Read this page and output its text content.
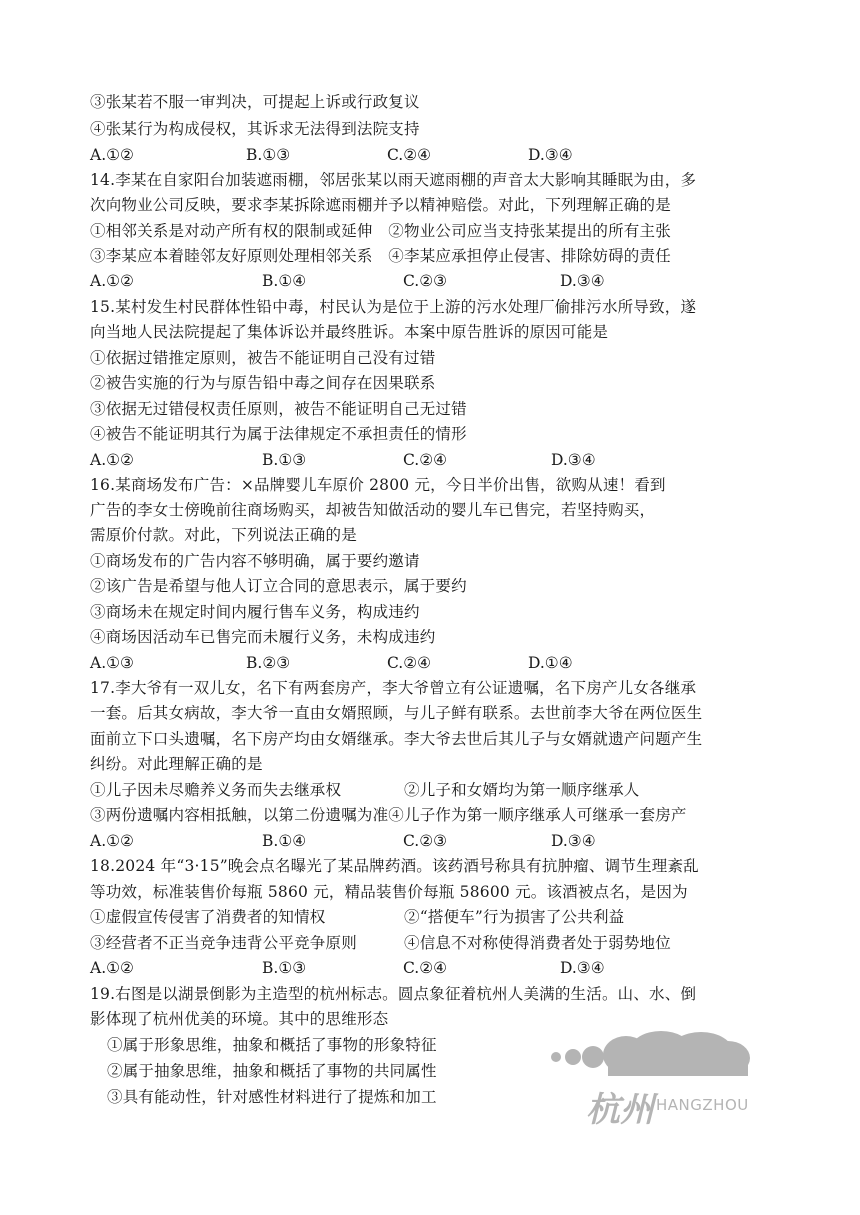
③张某若不服一审判决，可提起上诉或行政复议
④张某行为构成侵权，其诉求无法得到法院支持
A.①②	B.①③	C.②④	D.③④
14.李某在自家阳台加装遮雨棚，邻居张某以雨天遮雨棚的声音太大影响其睡眠为由，多
次向物业公司反映，要求李某拆除遮雨棚并予以精神赔偿。对此，下列理解正确的是
①相邻关系是对动产所有权的限制或延伸　②物业公司应当支持张某提出的所有主张
③李某应本着睦邻友好原则处理相邻关系　④李某应承担停止侵害、排除妨碍的责任
A.①②	B.①④	C.②③	D.③④
15.某村发生村民群体性铅中毒，村民认为是位于上游的污水处理厂偷排污水所导致，遂
向当地人民法院提起了集体诉讼并最终胜诉。本案中原告胜诉的原因可能是
①依据过错推定原则，被告不能证明自己没有过错
②被告实施的行为与原告铅中毒之间存在因果联系
③依据无过错侵权责任原则，被告不能证明自己无过错
④被告不能证明其行为属于法律规定不承担责任的情形
A.①②	B.①③	C.②④	D.③④
16.某商场发布广告：×品牌婴儿车原价 2800 元，今日半价出售，欲购从速！看到
广告的李女士傍晚前往商场购买，却被告知做活动的婴儿车已售完，若坚持购买，
需原价付款。对此，下列说法正确的是
①商场发布的广告内容不够明确，属于要约邀请
②该广告是希望与他人订立合同的意思表示，属于要约
③商场未在规定时间内履行售车义务，构成违约
④商场因活动车已售完而未履行义务，未构成违约
A.①③	B.②③	C.②④	D.①④
17.李大爷有一双儿女，名下有两套房产，李大爷曾立有公证遗嘱，名下房产儿女各继承
一套。后其女病故，李大爷一直由女婿照顾，与儿子鲜有联系。去世前李大爷在两位医生
面前立下口头遗嘱，名下房产均由女婿继承。李大爷去世后其儿子与女婿就遗产问题产生
纠纷。对此理解正确的是
①儿子因未尽赡养义务而失去继承权　　　　②儿子和女婿均为第一顺序继承人
③两份遗嘱内容相抵触，以第二份遗嘱为准④儿子作为第一顺序继承人可继承一套房产
A.①②	B.①④	C.②③	D.③④
18.2024 年“3·15”晚会点名曝光了某品牌药酒。该药酒号称具有抗肿瘤、调节生理紊乱
等功效，标准装售价每瓶 5860 元，精品装售价每瓶 58600 元。该酒被点名，是因为
①虚假宣传侵害了消费者的知情权　　　　　②“搭便车”行为损害了公共利益
③经营者不正当竞争违背公平竞争原则　　　④信息不对称使得消费者处于弱势地位
A.①②	B.①③	C.②④	D.③④
19.右图是以湖景倒影为主造型的杭州标志。圆点象征着杭州人美满的生活。山、水、倒
影体现了杭州优美的环境。其中的思维形态
①属于形象思维，抽象和概括了事物的形象特征
②属于抽象思维，抽象和概括了事物的共同属性
③具有能动性，针对感性材料进行了提炼和加工	杭州 HANGZHOU
